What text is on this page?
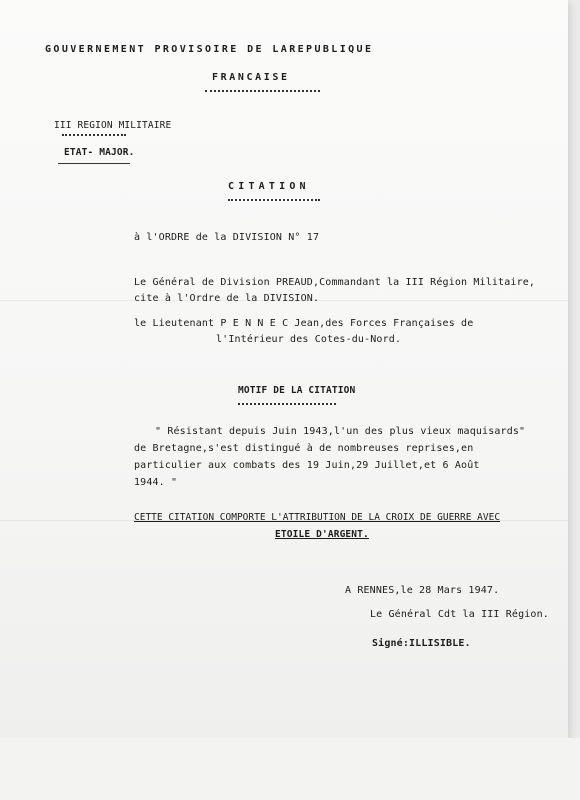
GOUVERNEMENT PROVISOIRE DE LAREPUBLIQUE
FRANCAISE
III REGION MILITAIRE
ETAT- MAJOR.
CITATION
à l'ORDRE de la DIVISION N° 17
Le Général de Division PREAUD,Commandant la III Région Militaire,
cite à l'Ordre de la DIVISION.
le Lieutenant P E N N E C Jean,des Forces Françaises de
l'Intérieur des Cotes-du-Nord.
MOTIF DE LA CITATION
" Résistant depuis Juin 1943,l'un des plus vieux maquisards"
de Bretagne,s'est distingué à de nombreuses reprises,en
particulier aux combats des 19 Juin,29 Juillet,et 6 Août
1944. "
CETTE CITATION COMPORTE L'ATTRIBUTION DE LA CROIX DE GUERRE AVEC
ETOILE D'ARGENT.
A RENNES,le 28 Mars 1947.
Le Général Cdt la III Région.
Signé:ILLISIBLE.
